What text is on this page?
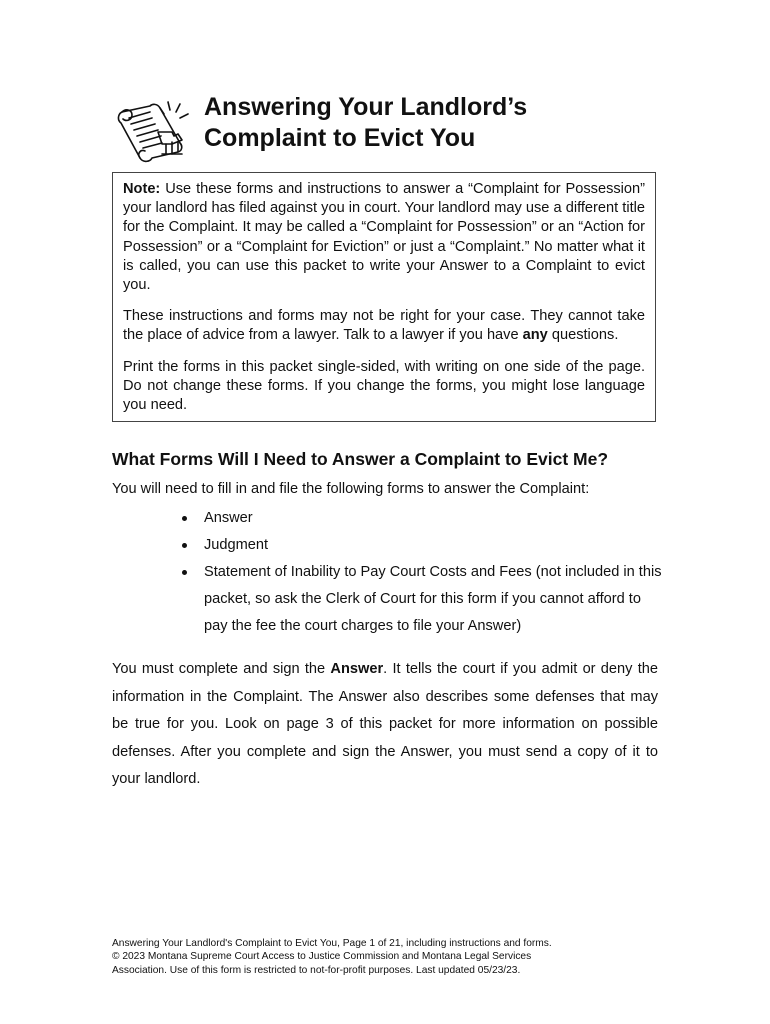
Answering Your Landlord’s
Complaint to Evict You

Note: Use these forms and instructions to answer a “Complaint for Possession” your landlord has filed against you in court. Your landlord may use a different title for the Complaint. It may be called a “Complaint for Possession” or an “Action for Possession” or a “Complaint for Eviction” or just a “Complaint.” No matter what it is called, you can use this packet to write your Answer to a Complaint to evict you.

These instructions and forms may not be right for your case. They cannot take the place of advice from a lawyer. Talk to a lawyer if you have any questions.

Print the forms in this packet single-sided, with writing on one side of the page. Do not change these forms. If you change the forms, you might lose language you need.

What Forms Will I Need to Answer a Complaint to Evict Me?
You will need to fill in and file the following forms to answer the Complaint:
Answer
Judgment
Statement of Inability to Pay Court Costs and Fees (not included in this packet, so ask the Clerk of Court for this form if you cannot afford to pay the fee the court charges to file your Answer)

You must complete and sign the Answer. It tells the court if you admit or deny the information in the Complaint. The Answer also describes some defenses that may be true for you. Look on page 3 of this packet for more information on possible defenses. After you complete and sign the Answer, you must send a copy of it to your landlord.

Answering Your Landlord's Complaint to Evict You, Page 1 of 21, including instructions and forms.
© 2023 Montana Supreme Court Access to Justice Commission and Montana Legal Services
Association. Use of this form is restricted to not-for-profit purposes. Last updated 05/23/23.
